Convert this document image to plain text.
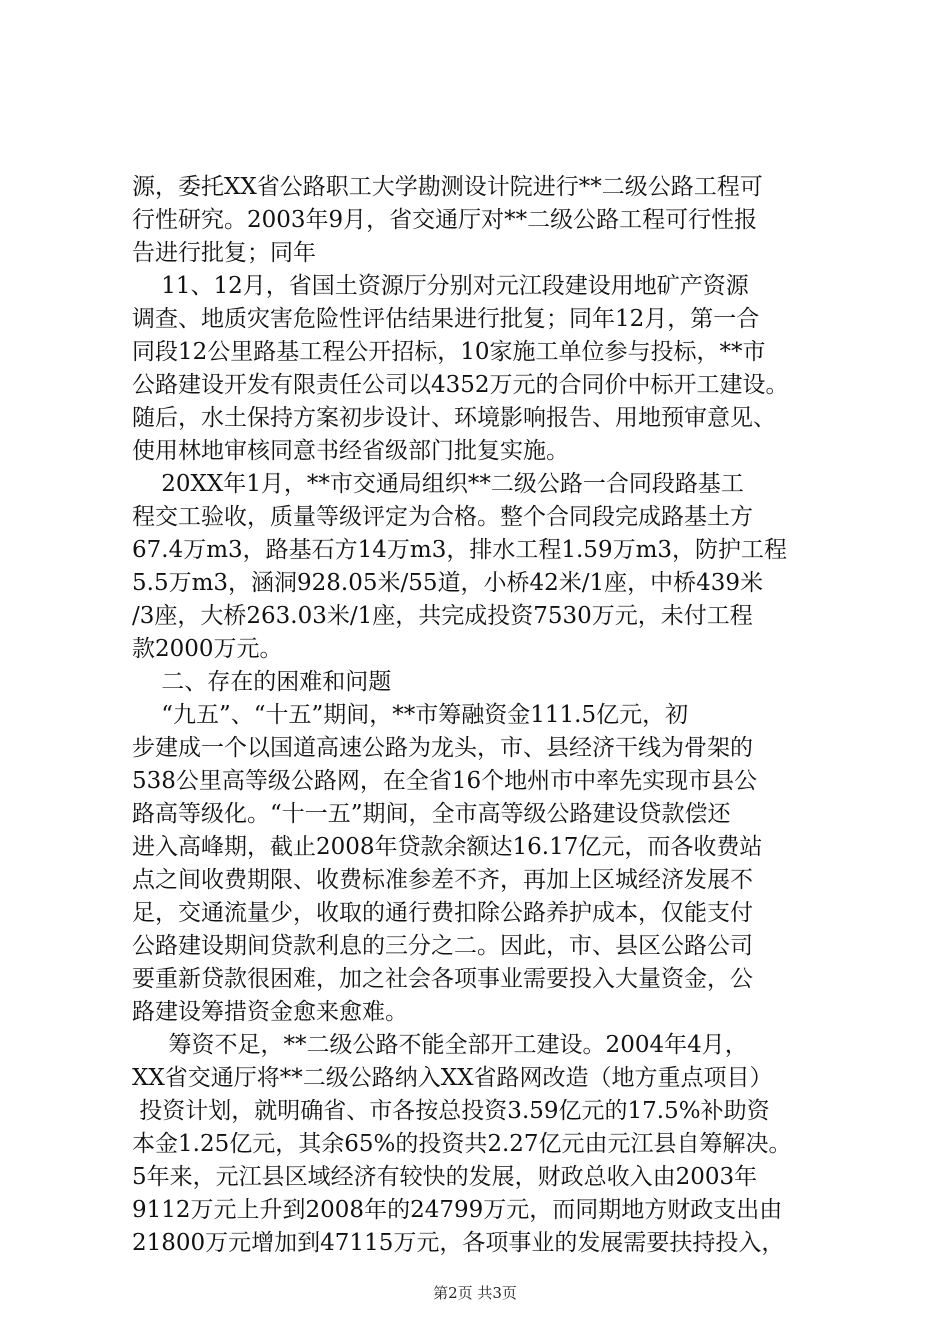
源，委托XX省公路职工大学勘测设计院进行**二级公路工程可
行性研究。2003年9月，省交通厅对**二级公路工程可行性报
告进行批复；同年
11、12月，省国土资源厅分别对元江段建设用地矿产资源
调查、地质灾害危险性评估结果进行批复；同年12月，第一合
同段12公里路基工程公开招标，10家施工单位参与投标，**市
公路建设开发有限责任公司以4352万元的合同价中标开工建设。
随后，水土保持方案初步设计、环境影响报告、用地预审意见、
使用林地审核同意书经省级部门批复实施。
20XX年1月，**市交通局组织**二级公路一合同段路基工
程交工验收，质量等级评定为合格。整个合同段完成路基土方
67.4万m3，路基石方14万m3，排水工程1.59万m3，防护工程
5.5万m3，涵洞928.05米/55道，小桥42米/1座，中桥439米
/3座，大桥263.03米/1座，共完成投资7530万元，未付工程
款2000万元。
二、存在的困难和问题
“九五”、“十五”期间，**市筹融资金111.5亿元，初
步建成一个以国道高速公路为龙头，市、县经济干线为骨架的
538公里高等级公路网，在全省16个地州市中率先实现市县公
路高等级化。“十一五”期间，全市高等级公路建设贷款偿还
进入高峰期，截止2008年贷款余额达16.17亿元，而各收费站
点之间收费期限、收费标准参差不齐，再加上区城经济发展不
足，交通流量少，收取的通行费扣除公路养护成本，仅能支付
公路建设期间贷款利息的三分之二。因此，市、县区公路公司
要重新贷款很困难，加之社会各项事业需要投入大量资金，公
路建设筹措资金愈来愈难。
筹资不足，**二级公路不能全部开工建设。2004年4月，
XX省交通厅将**二级公路纳入XX省路网改造（地方重点项目）
投资计划，就明确省、市各按总投资3.59亿元的17.5%补助资
本金1.25亿元，其余65%的投资共2.27亿元由元江县自筹解决。
5年来，元江县区域经济有较快的发展，财政总收入由2003年
9112万元上升到2008年的24799万元，而同期地方财政支出由
21800万元增加到47115万元，各项事业的发展需要扶持投入，
第2页 共3页
